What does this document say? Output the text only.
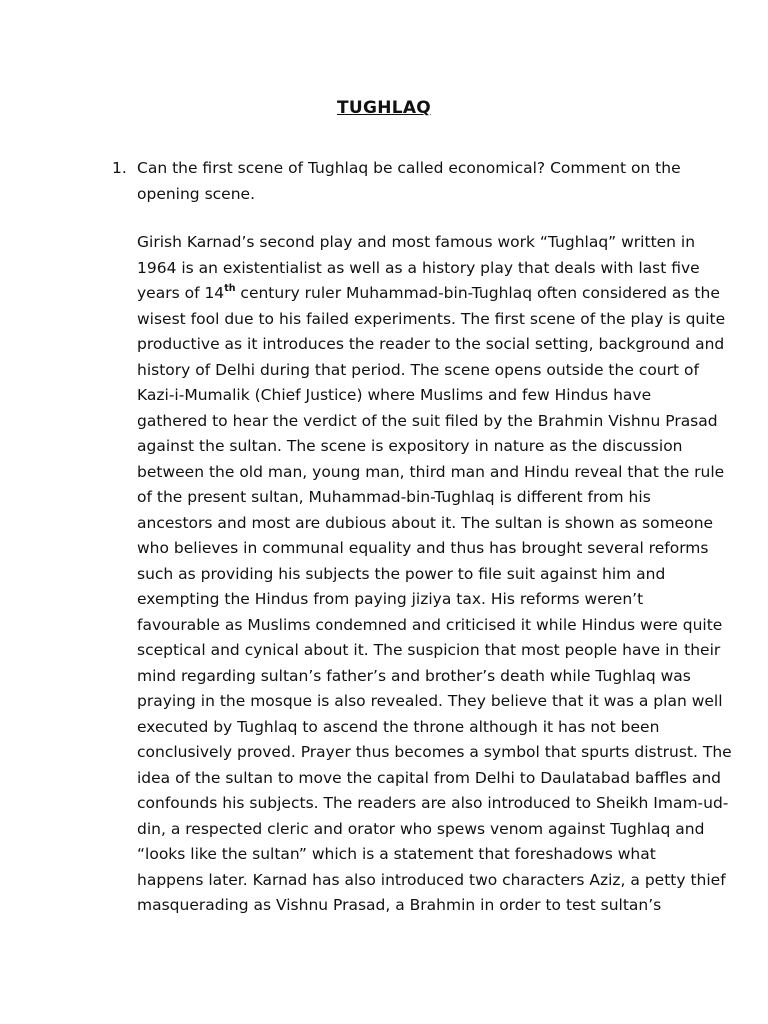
TUGHLAQ
1. Can the first scene of Tughlaq be called economical? Comment on the
opening scene.
Girish Karnad’s second play and most famous work “Tughlaq” written in
1964 is an existentialist as well as a history play that deals with last five
years of 14th century ruler Muhammad-bin-Tughlaq often considered as the
wisest fool due to his failed experiments. The first scene of the play is quite
productive as it introduces the reader to the social setting, background and
history of Delhi during that period. The scene opens outside the court of
Kazi-i-Mumalik (Chief Justice) where Muslims and few Hindus have
gathered to hear the verdict of the suit filed by the Brahmin Vishnu Prasad
against the sultan. The scene is expository in nature as the discussion
between the old man, young man, third man and Hindu reveal that the rule
of the present sultan, Muhammad-bin-Tughlaq is different from his
ancestors and most are dubious about it. The sultan is shown as someone
who believes in communal equality and thus has brought several reforms
such as providing his subjects the power to file suit against him and
exempting the Hindus from paying jiziya tax. His reforms weren’t
favourable as Muslims condemned and criticised it while Hindus were quite
sceptical and cynical about it. The suspicion that most people have in their
mind regarding sultan’s father’s and brother’s death while Tughlaq was
praying in the mosque is also revealed. They believe that it was a plan well
executed by Tughlaq to ascend the throne although it has not been
conclusively proved. Prayer thus becomes a symbol that spurts distrust. The
idea of the sultan to move the capital from Delhi to Daulatabad baffles and
confounds his subjects. The readers are also introduced to Sheikh Imam-ud-
din, a respected cleric and orator who spews venom against Tughlaq and
“looks like the sultan” which is a statement that foreshadows what
happens later. Karnad has also introduced two characters Aziz, a petty thief
masquerading as Vishnu Prasad, a Brahmin in order to test sultan’s
